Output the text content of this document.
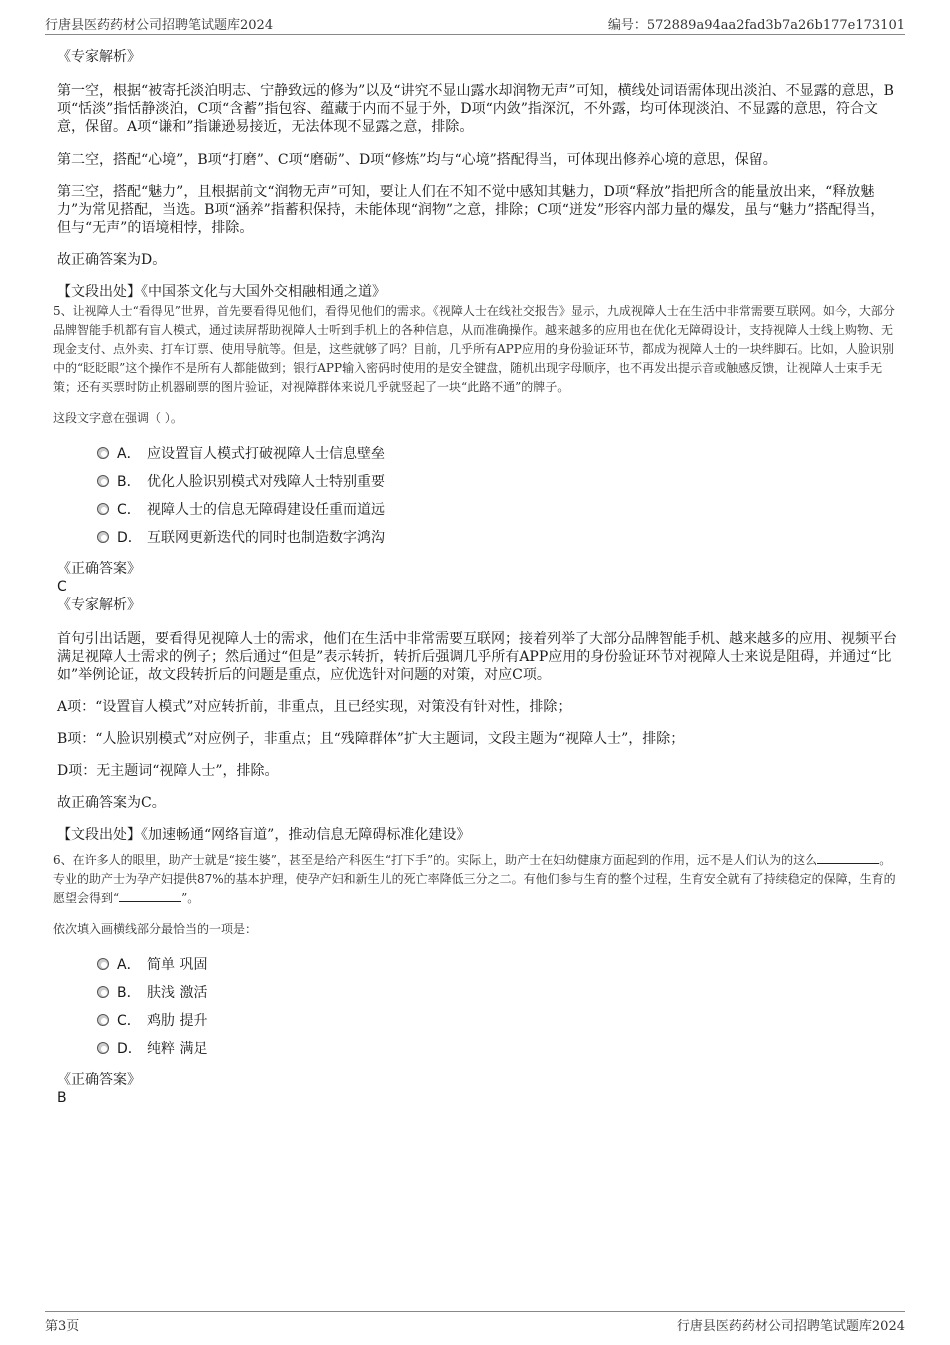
行唐县医药药材公司招聘笔试题库2024	编号：572889a94aa2fad3b7a26b177e173101

《专家解析》

第一空，根据“被寄托淡泊明志、宁静致远的修为”以及“讲究不显山露水却润物无声”可知，横线处词语需体现出淡泊、不显露的意思，B项“恬淡”指恬静淡泊，C项“含蓄”指包容、蕴藏于内而不显于外，D项“内敛”指深沉，不外露，均可体现淡泊、不显露的意思，符合文意，保留。A项“谦和”指谦逊易接近，无法体现不显露之意，排除。

第二空，搭配“心境”，B项“打磨”、C项“磨砺”、D项“修炼”均与“心境”搭配得当，可体现出修养心境的意思，保留。

第三空，搭配“魅力”，且根据前文“润物无声”可知，要让人们在不知不觉中感知其魅力，D项“释放”指把所含的能量放出来，“释放魅力”为常见搭配，当选。B项“涵养”指蓄积保持，未能体现“润物”之意，排除；C项“迸发”形容内部力量的爆发，虽与“魅力”搭配得当，但与“无声”的语境相悖，排除。

故正确答案为D。

【文段出处】《中国茶文化与大国外交相融相通之道》

5、让视障人士“看得见”世界，首先要看得见他们，看得见他们的需求。《视障人士在线社交报告》显示，九成视障人士在生活中非常需要互联网。如今，大部分品牌智能手机都有盲人模式，通过读屏帮助视障人士听到手机上的各种信息，从而准确操作。越来越多的应用也在优化无障碍设计，支持视障人士线上购物、无现金支付、点外卖、打车订票、使用导航等。但是，这些就够了吗？目前，几乎所有APP应用的身份验证环节，都成为视障人士的一块绊脚石。比如，人脸识别中的“眨眨眼”这个操作不是所有人都能做到；银行APP输入密码时使用的是安全键盘，随机出现字母顺序，也不再发出提示音或触感反馈，让视障人士束手无策；还有买票时防止机器刷票的图片验证，对视障群体来说几乎就竖起了一块“此路不通”的牌子。

这段文字意在强调（ ）。

A． 应设置盲人模式打破视障人士信息壁垒
B． 优化人脸识别模式对残障人士特别重要
C． 视障人士的信息无障碍建设任重而道远
D． 互联网更新迭代的同时也制造数字鸿沟

《正确答案》

C

《专家解析》

首句引出话题，要看得见视障人士的需求，他们在生活中非常需要互联网；接着列举了大部分品牌智能手机、越来越多的应用、视频平台满足视障人士需求的例子；然后通过“但是”表示转折，转折后强调几乎所有APP应用的身份验证环节对视障人士来说是阻碍，并通过“比如”举例论证，故文段转折后的问题是重点，应优选针对问题的对策，对应C项。

A项：“设置盲人模式”对应转折前，非重点，且已经实现，对策没有针对性，排除；

B项：“人脸识别模式”对应例子，非重点；且“残障群体”扩大主题词，文段主题为“视障人士”，排除；

D项：无主题词“视障人士”，排除。

故正确答案为C。

【文段出处】《加速畅通“网络盲道”，推动信息无障碍标准化建设》

6、在许多人的眼里，助产士就是“接生婆”，甚至是给产科医生“打下手”的。实际上，助产士在妇幼健康方面起到的作用，远不是人们认为的这么	。专业的助产士为孕产妇提供87%的基本护理，使孕产妇和新生儿的死亡率降低三分之二。有他们参与生育的整个过程，生育安全就有了持续稳定的保障，生育的愿望会得到“	”。

依次填入画横线部分最恰当的一项是：

A． 简单 巩固
B． 肤浅 激活
C． 鸡肋 提升
D． 纯粹 满足

《正确答案》

B

第3页	行唐县医药药材公司招聘笔试题库2024
